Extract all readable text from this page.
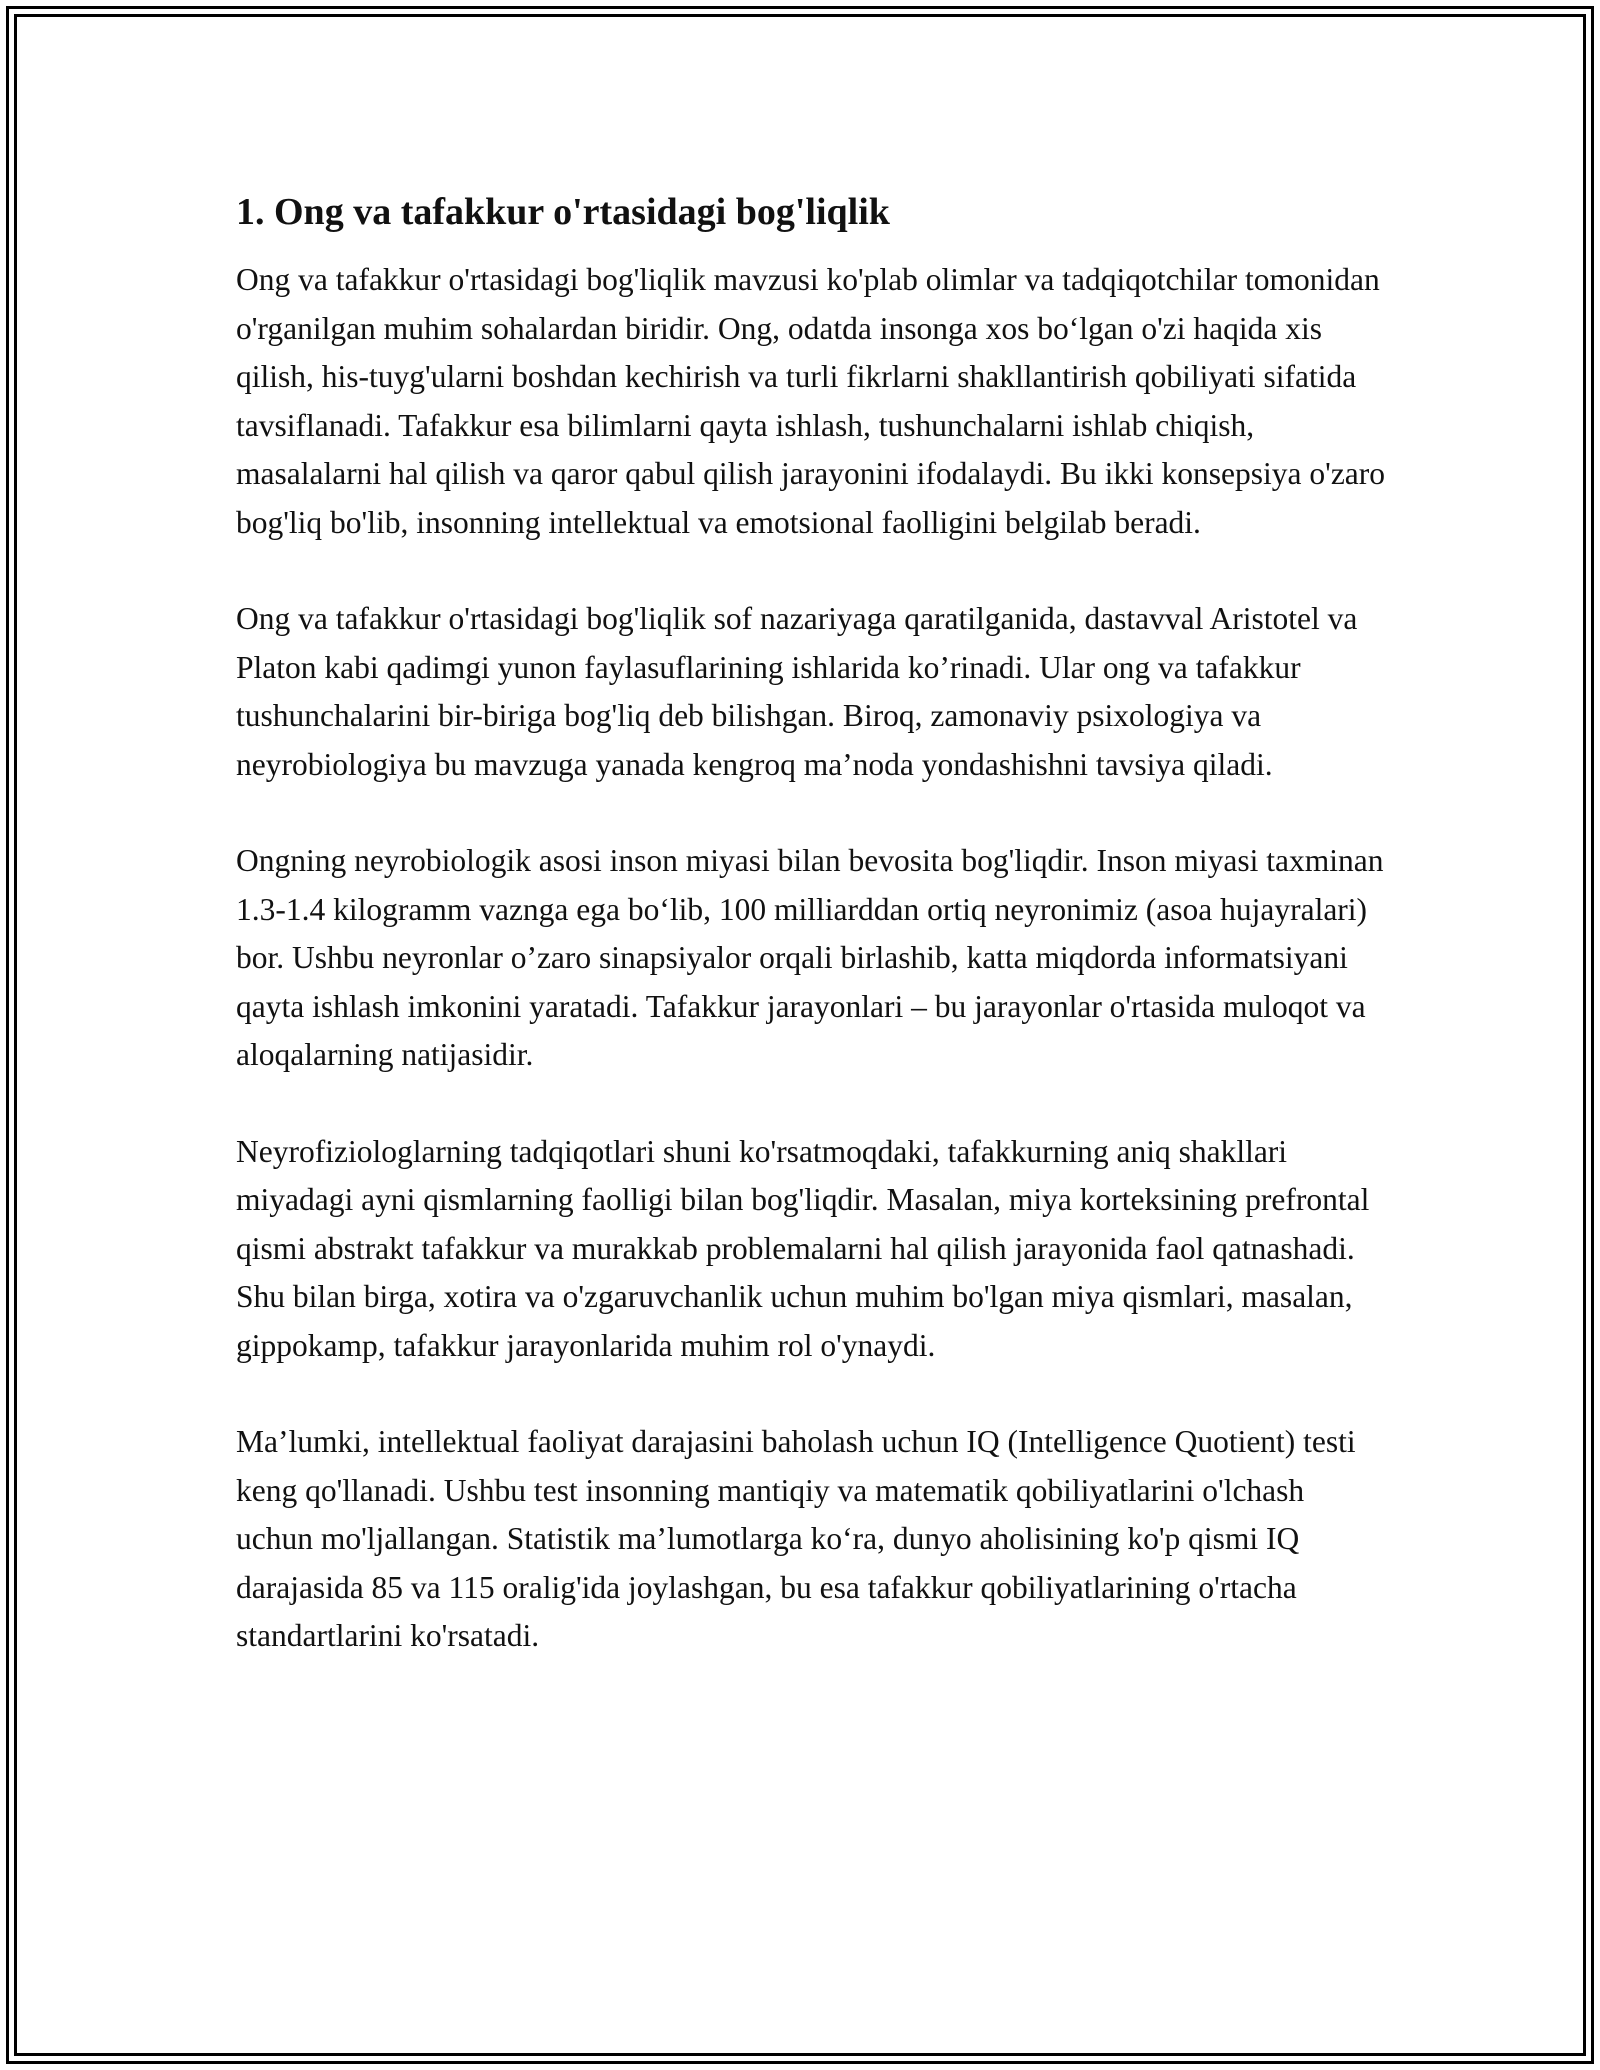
1. Ong va tafakkur o'rtasidagi bog'liqlik

Ong va tafakkur o'rtasidagi bog'liqlik mavzusi ko'plab olimlar va tadqiqotchilar tomonidan o'rganilgan muhim sohalardan biridir. Ong, odatda insonga xos bo‘lgan o'zi haqida xis qilish, his-tuyg'ularni boshdan kechirish va turli fikrlarni shakllantirish qobiliyati sifatida tavsiflanadi. Tafakkur esa bilimlarni qayta ishlash, tushunchalarni ishlab chiqish, masalalarni hal qilish va qaror qabul qilish jarayonini ifodalaydi. Bu ikki konsepsiya o'zaro bog'liq bo'lib, insonning intellektual va emotsional faolligini belgilab beradi.

Ong va tafakkur o'rtasidagi bog'liqlik sof nazariyaga qaratilganida, dastavval Aristotel va Platon kabi qadimgi yunon faylasuflarining ishlarida ko’rinadi. Ular ong va tafakkur tushunchalarini bir-biriga bog'liq deb bilishgan. Biroq, zamonaviy psixologiya va neyrobiologiya bu mavzuga yanada kengroq ma’noda yondashishni tavsiya qiladi.

Ongning neyrobiologik asosi inson miyasi bilan bevosita bog'liqdir. Inson miyasi taxminan 1.3-1.4 kilogramm vaznga ega bo‘lib, 100 milliarddan ortiq neyronimiz (asoa hujayralari) bor. Ushbu neyronlar o’zaro sinapsiyalor orqali birlashib, katta miqdorda informatsiyani qayta ishlash imkonini yaratadi. Tafakkur jarayonlari – bu jarayonlar o'rtasida muloqot va aloqalarning natijasidir.

Neyrofiziologlarning tadqiqotlari shuni ko'rsatmoqdaki, tafakkurning aniq shakllari miyadagi ayni qismlarning faolligi bilan bog'liqdir. Masalan, miya korteksining prefrontal qismi abstrakt tafakkur va murakkab problemalarni hal qilish jarayonida faol qatnashadi. Shu bilan birga, xotira va o'zgaruvchanlik uchun muhim bo'lgan miya qismlari, masalan, gippokamp, tafakkur jarayonlarida muhim rol o'ynaydi.

Ma’lumki, intellektual faoliyat darajasini baholash uchun IQ (Intelligence Quotient) testi keng qo'llanadi. Ushbu test insonning mantiqiy va matematik qobiliyatlarini o'lchash uchun mo'ljallangan. Statistik ma’lumotlarga ko‘ra, dunyo aholisining ko'p qismi IQ darajasida 85 va 115 oralig'ida joylashgan, bu esa tafakkur qobiliyatlarining o'rtacha standartlarini ko'rsatadi.
